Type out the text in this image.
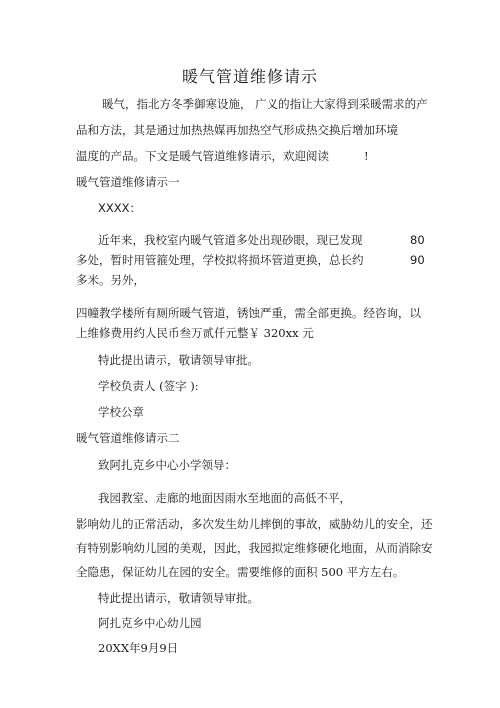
暖气管道维修请示
暖气，指北方冬季御寒设施， 广义的指让大家得到采暖需求的产
品和方法，其是通过加热热媒再加热空气形成热交换后增加环境
温度的产品。下文是暖气管道维修请示，欢迎阅读	!
暖气管道维修请示一
XXXX：
近年来，我校室内暖气管道多处出现砂眼，现已发现	80
多处，暂时用管箍处理，学校拟将损坏管道更换，总长约	90
多米。另外，
四幢教学楼所有厕所暖气管道，锈蚀严重，需全部更换。经咨询，以
上维修费用约人民币叁万贰仟元整￥ 320xx 元
特此提出请示，敬请领导审批。
学校负责人 (签字 ):
学校公章
暖气管道维修请示二
致阿扎克乡中心小学领导：
我园教室、走廊的地面因雨水至地面的高低不平，
影响幼儿的正常活动，多次发生幼儿摔倒的事故，威胁幼儿的安全，还
有特别影响幼儿园的美观，因此，我园拟定维修硬化地面，从而消除安
全隐患，保证幼儿在园的安全。需要维修的面积 500 平方左右。
特此提出请示，敬请领导审批。
阿扎克乡中心幼儿园
20XX年9月9日
